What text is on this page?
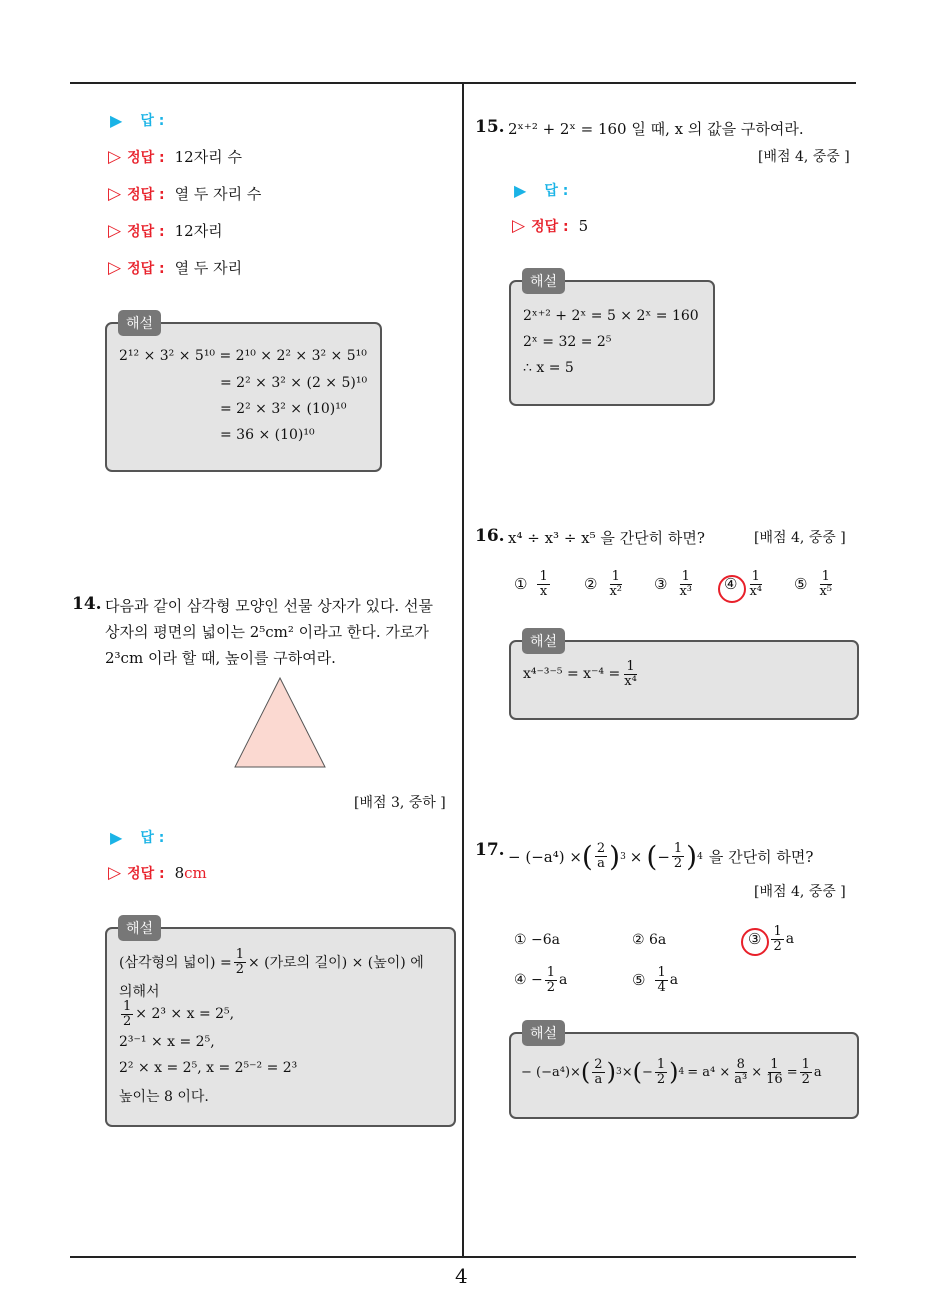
4
▶ 답 :
▷ 정답 : 12자리 수
▷ 정답 : 열 두 자리 수
▷ 정답 : 12자리
▷ 정답 : 열 두 자리
해설
2¹² × 3² × 5¹⁰ = 2¹⁰ × 2² × 3² × 5¹⁰
= 2² × 3² × (2 × 5)¹⁰
= 2² × 3² × (10)¹⁰
= 36 × (10)¹⁰
14. 다음과 같이 삼각형 모양인 선물 상자가 있다. 선물
상자의 평면의 넓이는 2⁵cm² 이라고 한다. 가로가
2³cm 이라 할 때, 높이를 구하여라.
[배점 3, 중하 ]
▶ 답 :
▷ 정답 : 8 cm
해설
(삼각형의 넓이) = $\frac{1}{2}$ × (가로의 길이) × (높이) 에
의해서
$\frac{1}{2} \times 2^3 \times x = 2^5$,
2³⁻¹ × x = 2⁵,
2² × x = 2⁵, x = 2⁵⁻² = 2³
높이는 8 이다.
15. 2ˣ⁺² + 2ˣ = 160 일 때, x 의 값을 구하여라.
[배점 4, 중중 ]
▶ 답 :
▷ 정답 : 5
해설
2ˣ⁺² + 2ˣ = 5 × 2ˣ = 160
2ˣ = 32 = 2⁵
∴ x = 5
16. x⁴ ÷ x³ ÷ x⁵ 을 간단히 하면?	[배점 4, 중중 ]
① $\frac{1}{x}$ ② $\frac{1}{\text{x²}}$ ③ $\frac{1}{\text{x³}}$ ④ $\frac{1}{\text{x⁴}}$ ⑤ $\frac{1}{\text{x⁵}}$
해설
$x^{4-3-5} = x^{-4} = \frac{1}{\text{x⁴}}$
17. − (−a⁴) × ( $\frac{2}{a}$ ) 3 × ( − $\frac{1}{2}$ ) 4 을 간단히 하면?
[배점 4, 중중 ]
① −6a	② 6a	③ $\frac{1}{2}$ a
④ − $\frac{1}{2}$ a	⑤ $\frac{1}{4}$ a
해설
− (−a⁴)× ( $\frac{2}{a}$ ) 3 × ( − $\frac{1}{2}$ ) $4 = a^4 \times \frac{8}{\text{a³}} \times \frac{1}{16} = \frac{1}{2}$ a
